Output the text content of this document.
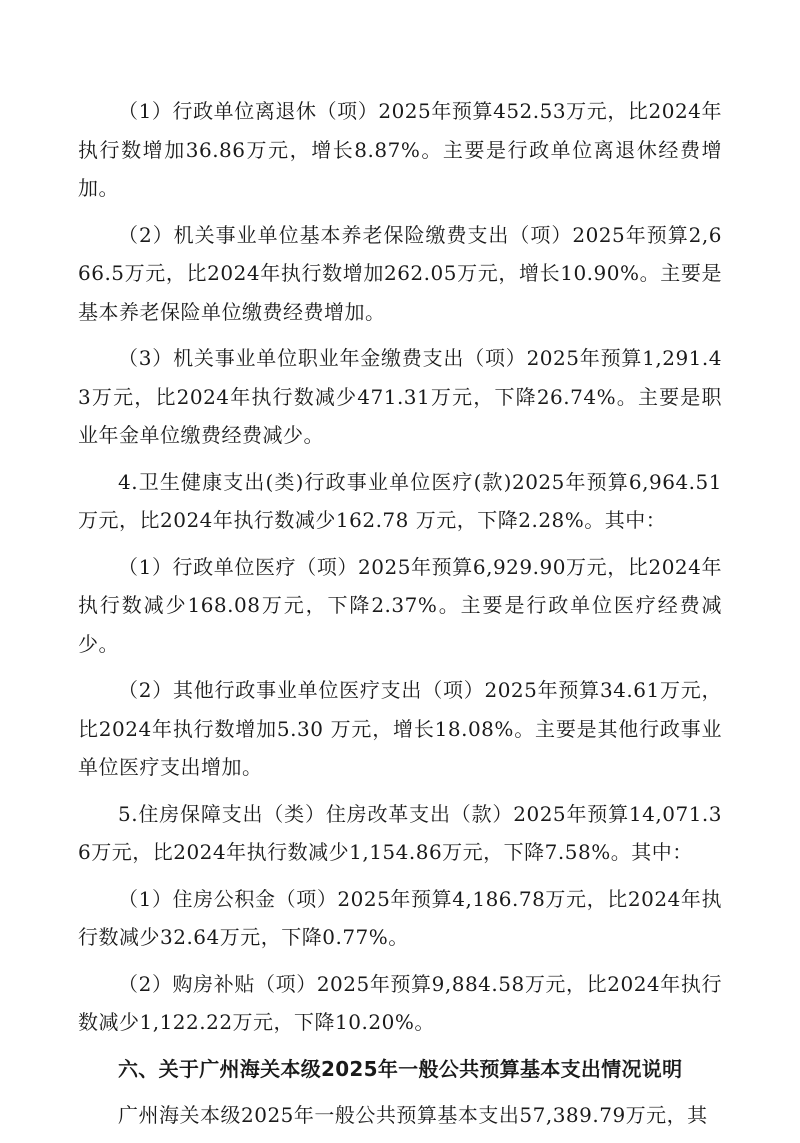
（1）行政单位离退休（项）2025年预算452.53万元，比2024年执行数增加36.86万元，增长8.87%。主要是行政单位离退休经费增加。

（2）机关事业单位基本养老保险缴费支出（项）2025年预算2,666.5万元，比2024年执行数增加262.05万元，增长10.90%。主要是基本养老保险单位缴费经费增加。

（3）机关事业单位职业年金缴费支出（项）2025年预算1,291.43万元，比2024年执行数减少471.31万元，下降26.74%。主要是职业年金单位缴费经费减少。

4.卫生健康支出(类)行政事业单位医疗(款)2025年预算6,964.51万元，比2024年执行数减少162.78 万元，下降2.28%。其中：

（1）行政单位医疗（项）2025年预算6,929.90万元，比2024年执行数减少168.08万元，下降2.37%。主要是行政单位医疗经费减少。

（2）其他行政事业单位医疗支出（项）2025年预算34.61万元，比2024年执行数增加5.30 万元，增长18.08%。主要是其他行政事业单位医疗支出增加。

5.住房保障支出（类）住房改革支出（款）2025年预算14,071.36万元，比2024年执行数减少1,154.86万元，下降7.58%。其中：

（1）住房公积金（项）2025年预算4,186.78万元，比2024年执行数减少32.64万元，下降0.77%。

（2）购房补贴（项）2025年预算9,884.58万元，比2024年执行数减少1,122.22万元，下降10.20%。

六、关于广州海关本级2025年一般公共预算基本支出情况说明

广州海关本级2025年一般公共预算基本支出57,389.79万元，其
